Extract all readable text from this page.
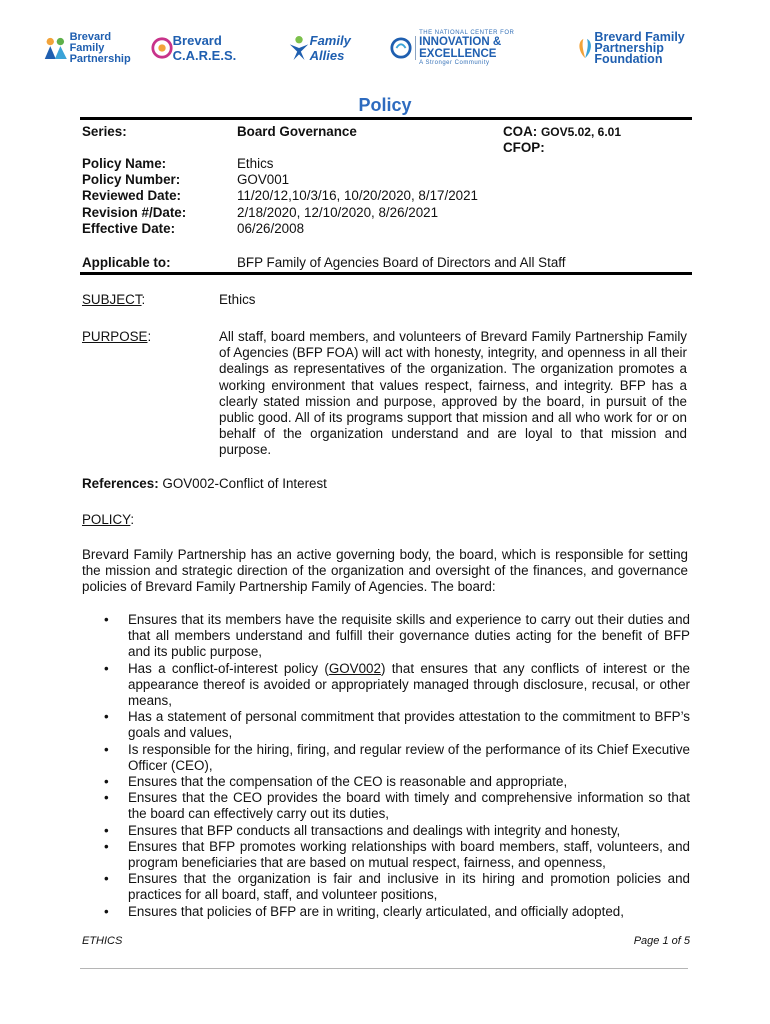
Brevard Family
Partnership
Brevard C.A.R.E.S.
Family Allies
THE NATIONAL CENTER FOR
INNOVATION & EXCELLENCE
A Stronger Community
Brevard Family
Partnership Foundation
Policy
Series:	Board Governance	COA: GOV5.02, 6.01
CFOP:
Policy Name:	Ethics
Policy Number:	GOV001
Reviewed Date:	11/20/12,10/3/16, 10/20/2020, 8/17/2021
Revision #/Date:	2/18/2020, 12/10/2020, 8/26/2021
Effective Date:	06/26/2008
Applicable to:	BFP Family of Agencies Board of Directors and All Staff
SUBJECT:	Ethics
PURPOSE:	All staff, board members, and volunteers of Brevard Family Partnership Family of Agencies (BFP FOA) will act with honesty, integrity, and openness in all their dealings as representatives of the organization. The organization promotes a working environment that values respect, fairness, and integrity. BFP has a clearly stated mission and purpose, approved by the board, in pursuit of the public good. All of its programs support that mission and all who work for or on behalf of the organization understand and are loyal to that mission and purpose.
References: GOV002-Conflict of Interest
POLICY:
Brevard Family Partnership has an active governing body, the board, which is responsible for setting the mission and strategic direction of the organization and oversight of the finances, and governance policies of Brevard Family Partnership Family of Agencies. The board:
• Ensures that its members have the requisite skills and experience to carry out their duties and that all members understand and fulfill their governance duties acting for the benefit of BFP and its public purpose,
• Has a conflict-of-interest policy (GOV002) that ensures that any conflicts of interest or the appearance thereof is avoided or appropriately managed through disclosure, recusal, or other means,
• Has a statement of personal commitment that provides attestation to the commitment to BFP’s goals and values,
• Is responsible for the hiring, firing, and regular review of the performance of its Chief Executive Officer (CEO),
• Ensures that the compensation of the CEO is reasonable and appropriate,
• Ensures that the CEO provides the board with timely and comprehensive information so that the board can effectively carry out its duties,
• Ensures that BFP conducts all transactions and dealings with integrity and honesty,
• Ensures that BFP promotes working relationships with board members, staff, volunteers, and program beneficiaries that are based on mutual respect, fairness, and openness,
• Ensures that the organization is fair and inclusive in its hiring and promotion policies and practices for all board, staff, and volunteer positions,
• Ensures that policies of BFP are in writing, clearly articulated, and officially adopted,
ETHICS	Page 1 of 5
